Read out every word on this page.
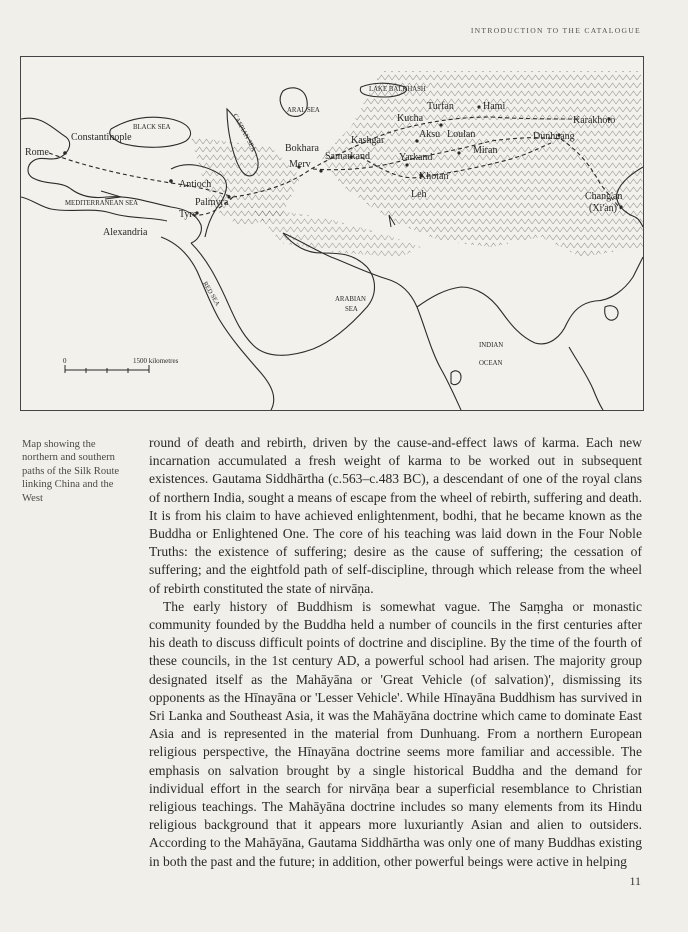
INTRODUCTION TO THE CATALOGUE
LAKE BALKHASH
ARAL SEA
CASPIAN SEA
BLACK SEA
MEDITERRANEAN SEA
RED SEA	ARABIAN
SEA
INDIAN
OCEAN
Rome
Constantinople
Antioch
Palmyra
Tyre
Alexandria
Bokhara
Merv
Samarkand
Kashgar
Yarkand
Khotan
Leh
Aksu
Kucha
Turfan	Hami
Loulan
Miran
Dunhuang
Karakhoto
Chang'an
(Xi'an)
0	1500 kilometres
Map showing the northern and southern paths of the Silk Route linking China and the West

round of death and rebirth, driven by the cause-and-effect laws of karma. Each new incarnation accumulated a fresh weight of karma to be worked out in subsequent existences. Gautama Siddhārtha (c.563–c.483 BC), a descendant of one of the royal clans of northern India, sought a means of escape from the wheel of rebirth, suffering and death. It is from his claim to have achieved enlightenment, bodhi, that he became known as the Buddha or Enlightened One. The core of his teaching was laid down in the Four Noble Truths: the existence of suffering; desire as the cause of suffering; the cessation of suffering; and the eightfold path of self-discipline, through which release from the wheel of rebirth constituted the state of nirvāṇa.

The early history of Buddhism is somewhat vague. The Saṃgha or monastic community founded by the Buddha held a number of councils in the first centuries after his death to discuss difficult points of doctrine and discipline. By the time of the fourth of these councils, in the 1st century AD, a powerful school had arisen. The majority group designated itself as the Mahāyāna or 'Great Vehicle (of salvation)', dismissing its opponents as the Hīnayāna or 'Lesser Vehicle'. While Hīnayāna Buddhism has survived in Sri Lanka and Southeast Asia, it was the Mahāyāna doctrine which came to dominate East Asia and is represented in the material from Dunhuang. From a northern European religious perspective, the Hīnayāna doctrine seems more familiar and accessible. The emphasis on salvation brought by a single historical Buddha and the demand for individual effort in the search for nirvāṇa bear a superficial resemblance to Christian religious teachings. The Mahāyāna doctrine includes so many elements from its Hindu religious background that it appears more luxuriantly Asian and alien to outsiders. According to the Mahāyāna, Gautama Siddhārtha was only one of many Buddhas existing in both the past and the future; in addition, other powerful beings were active in helping

11
